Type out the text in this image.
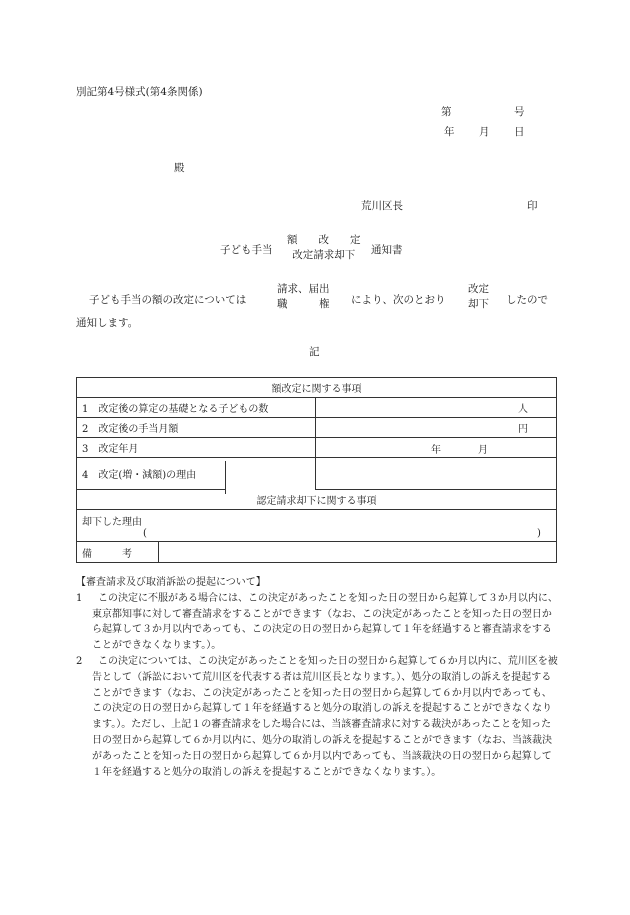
別記第4号様式(第4条関係)
第	号
年 月 日
殿
荒川区長	印
子ども手当
額　　改　　定
改定請求却下	通知書
子ども手当の額の改定については
請求、届出
職　　　権 により、次のとおり
改定
却下 したので
通知します。
記
額改定に関する事項		
1　改定後の算定の基礎となる子どもの数		人
2　改定後の手当月額		円
3　改定年月		年 月

4　改定(増・減額)の理由		
認定請求却下に関する事項		

却下した理由
( )		

備　　　考		
【審査請求及び取消訴訟の提起について】
1 この決定に不服がある場合には、この決定があったことを知った日の翌日から起算して３か月以内に、東京都知事に対して審査請求をすることができます（なお、この決定があったことを知った日の翌日から起算して３か月以内であっても、この決定の日の翌日から起算して１年を経過すると審査請求をすることができなくなります。）。
2 この決定については、この決定があったことを知った日の翌日から起算して６か月以内に、荒川区を被告として（訴訟において荒川区を代表する者は荒川区長となります。）、処分の取消しの訴えを提起することができます（なお、この決定があったことを知った日の翌日から起算して６か月以内であっても、この決定の日の翌日から起算して１年を経過すると処分の取消しの訴えを提起することができなくなります。）。ただし、上記１の審査請求をした場合には、当該審査請求に対する裁決があったことを知った日の翌日から起算して６か月以内に、処分の取消しの訴えを提起することができます（なお、当該裁決があったことを知った日の翌日から起算して６か月以内であっても、当該裁決の日の翌日から起算して１年を経過すると処分の取消しの訴えを提起することができなくなります。）。
